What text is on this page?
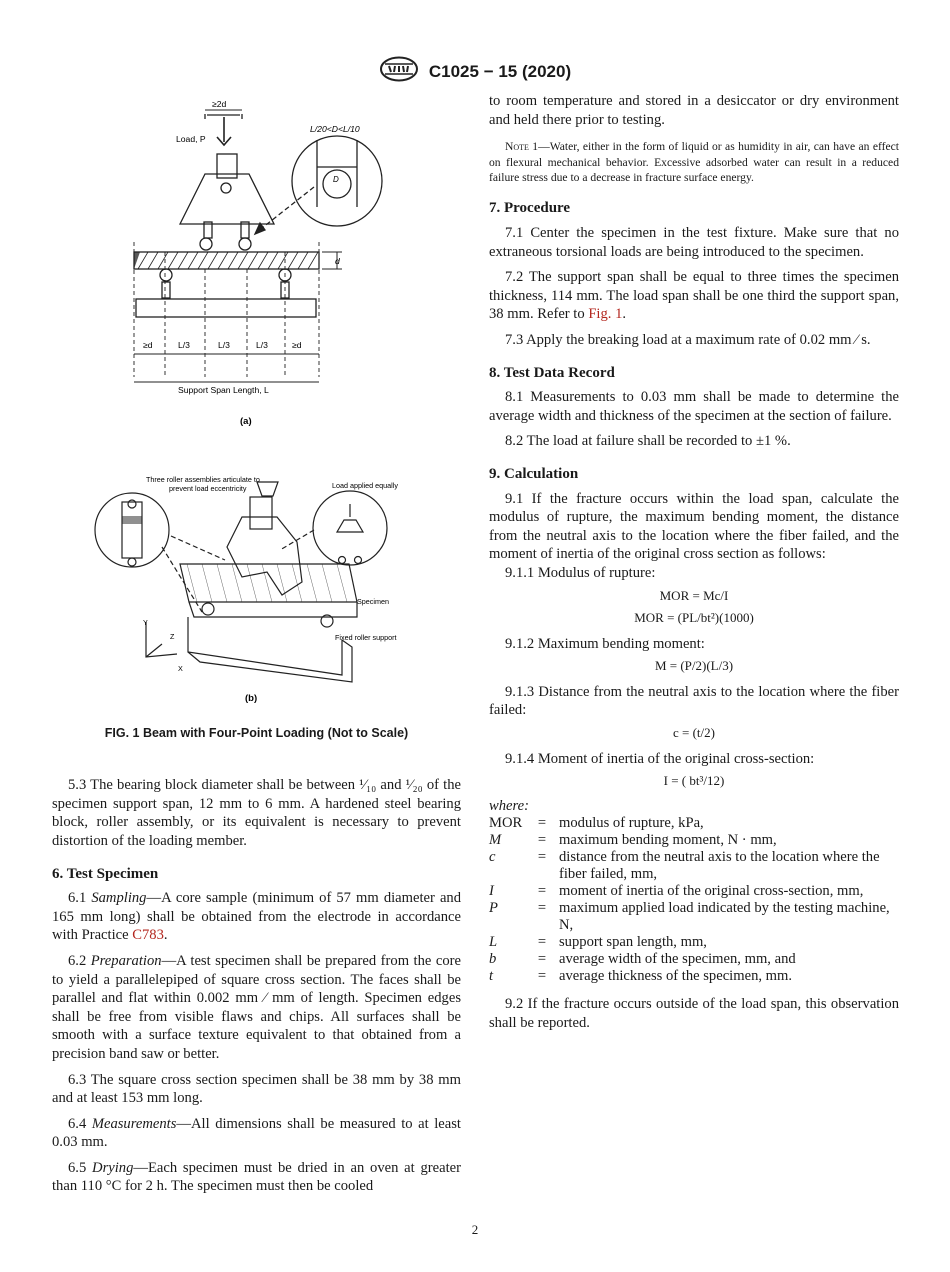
C1025 − 15 (2020)
Load, P
≥2d
L/20<D<L/10
D
d
≥d	L/3	L/3	L/3	≥d
Support Span Length, L
(a)
Three roller assemblies articulate to
prevent load eccentricity	Load applied equally
Specimen
Fixed roller support
Y
Z
X
(b)
FIG. 1 Beam with Four-Point Loading (Not to Scale)

5.3 The bearing block diameter shall be between ¹⁄₁₀ and ¹⁄₂₀ of the specimen support span, 12 mm to 6 mm. A hardened steel bearing block, roller assembly, or its equivalent is necessary to prevent distortion of the loading member.

6. Test Specimen

6.1 Sampling—A core sample (minimum of 57 mm diameter and 165 mm long) shall be obtained from the electrode in accordance with Practice C783.

6.2 Preparation—A test specimen shall be prepared from the core to yield a parallelepiped of square cross section. The faces shall be parallel and flat within 0.002 mm ⁄ mm of length. Specimen edges shall be free from visible flaws and chips. All surfaces shall be smooth with a surface texture equivalent to that obtained from a precision band saw or better.

6.3 The square cross section specimen shall be 38 mm by 38 mm and at least 153 mm long.

6.4 Measurements—All dimensions shall be measured to at least 0.03 mm.

6.5 Drying—Each specimen must be dried in an oven at greater than 110 °C for 2 h. The specimen must then be cooled

to room temperature and stored in a desiccator or dry environment and held there prior to testing.

Note 1—Water, either in the form of liquid or as humidity in air, can have an effect on flexural mechanical behavior. Excessive adsorbed water can result in a reduced failure stress due to a decrease in fracture surface energy.

7. Procedure

7.1 Center the specimen in the test fixture. Make sure that no extraneous torsional loads are being introduced to the specimen.

7.2 The support span shall be equal to three times the specimen thickness, 114 mm. The load span shall be one third the support span, 38 mm. Refer to Fig. 1.

7.3 Apply the breaking load at a maximum rate of 0.02 mm ⁄ s.

8. Test Data Record

8.1 Measurements to 0.03 mm shall be made to determine the average width and thickness of the specimen at the section of failure.

8.2 The load at failure shall be recorded to ±1 %.

9. Calculation

9.1 If the fracture occurs within the load span, calculate the modulus of rupture, the maximum bending moment, the distance from the neutral axis to the location where the fiber failed, and the moment of inertia of the original cross section as follows:

9.1.1 Modulus of rupture:

MOR = Mc/I
MOR = (PL/bt²)(1000)

9.1.2 Maximum bending moment:

M = (P/2)(L/3)

9.1.3 Distance from the neutral axis to the location where the fiber failed:

c = (t/2)

9.1.4 Moment of inertia of the original cross-section:

I = ( bt³/12)

where:

MOR	=	modulus of rupture, kPa,
M	=	maximum bending moment, N · mm,
c	=	distance from the neutral axis to the location where the fiber failed, mm,
I	=	moment of inertia of the original cross-section, mm,
P	=	maximum applied load indicated by the testing machine, N,
L	=	support span length, mm,
b	=	average width of the specimen, mm, and
t	=	average thickness of the specimen, mm.

9.2 If the fracture occurs outside of the load span, this observation shall be reported.

2
